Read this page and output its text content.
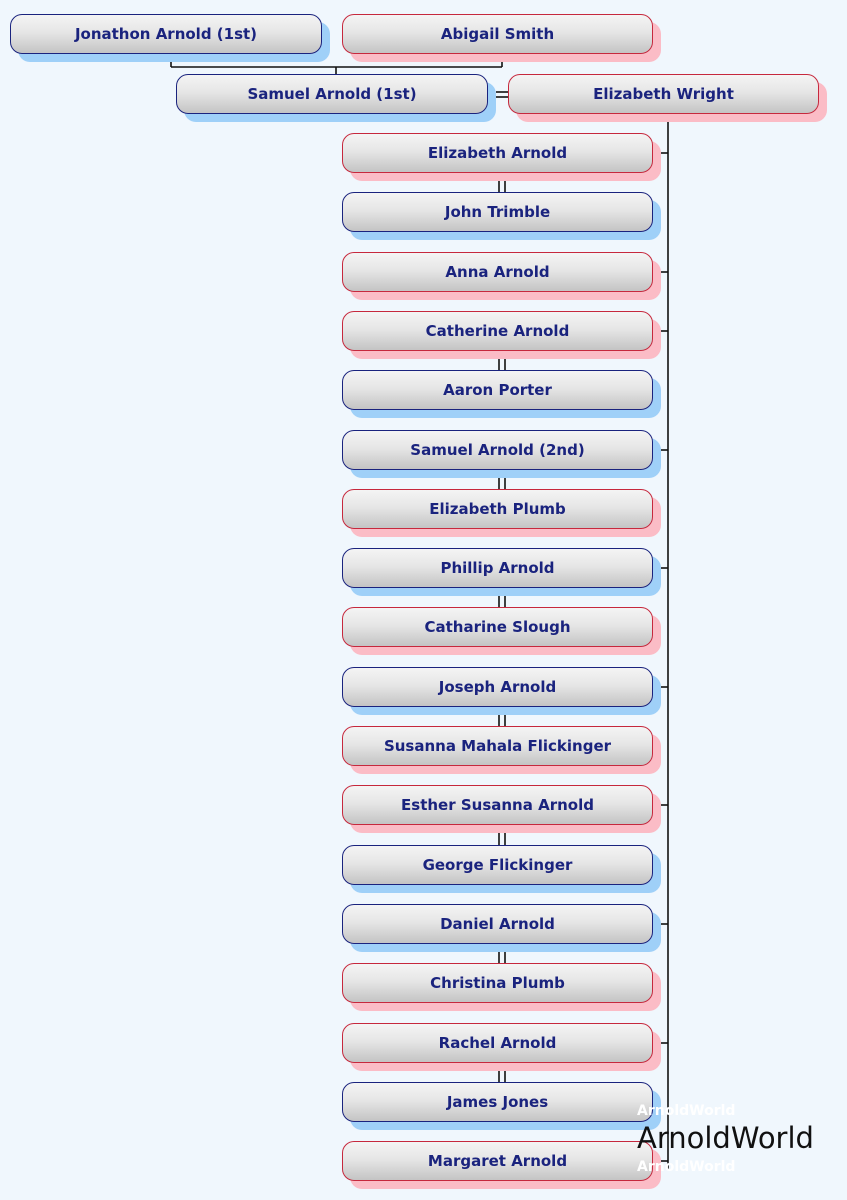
Jonathon Arnold (1st)	Abigail Smith
Samuel Arnold (1st)	Elizabeth Wright
Elizabeth Arnold
John Trimble
Anna Arnold
Catherine Arnold
Aaron Porter
Samuel Arnold (2nd)
Elizabeth Plumb
Phillip Arnold
Catharine Slough
Joseph Arnold
Susanna Mahala Flickinger
Esther Susanna Arnold
George Flickinger
Daniel Arnold
Christina Plumb
Rachel Arnold
James Jones
Margaret Arnold
ArnoldWorld
ArnoldWorld
ArnoldWorld
